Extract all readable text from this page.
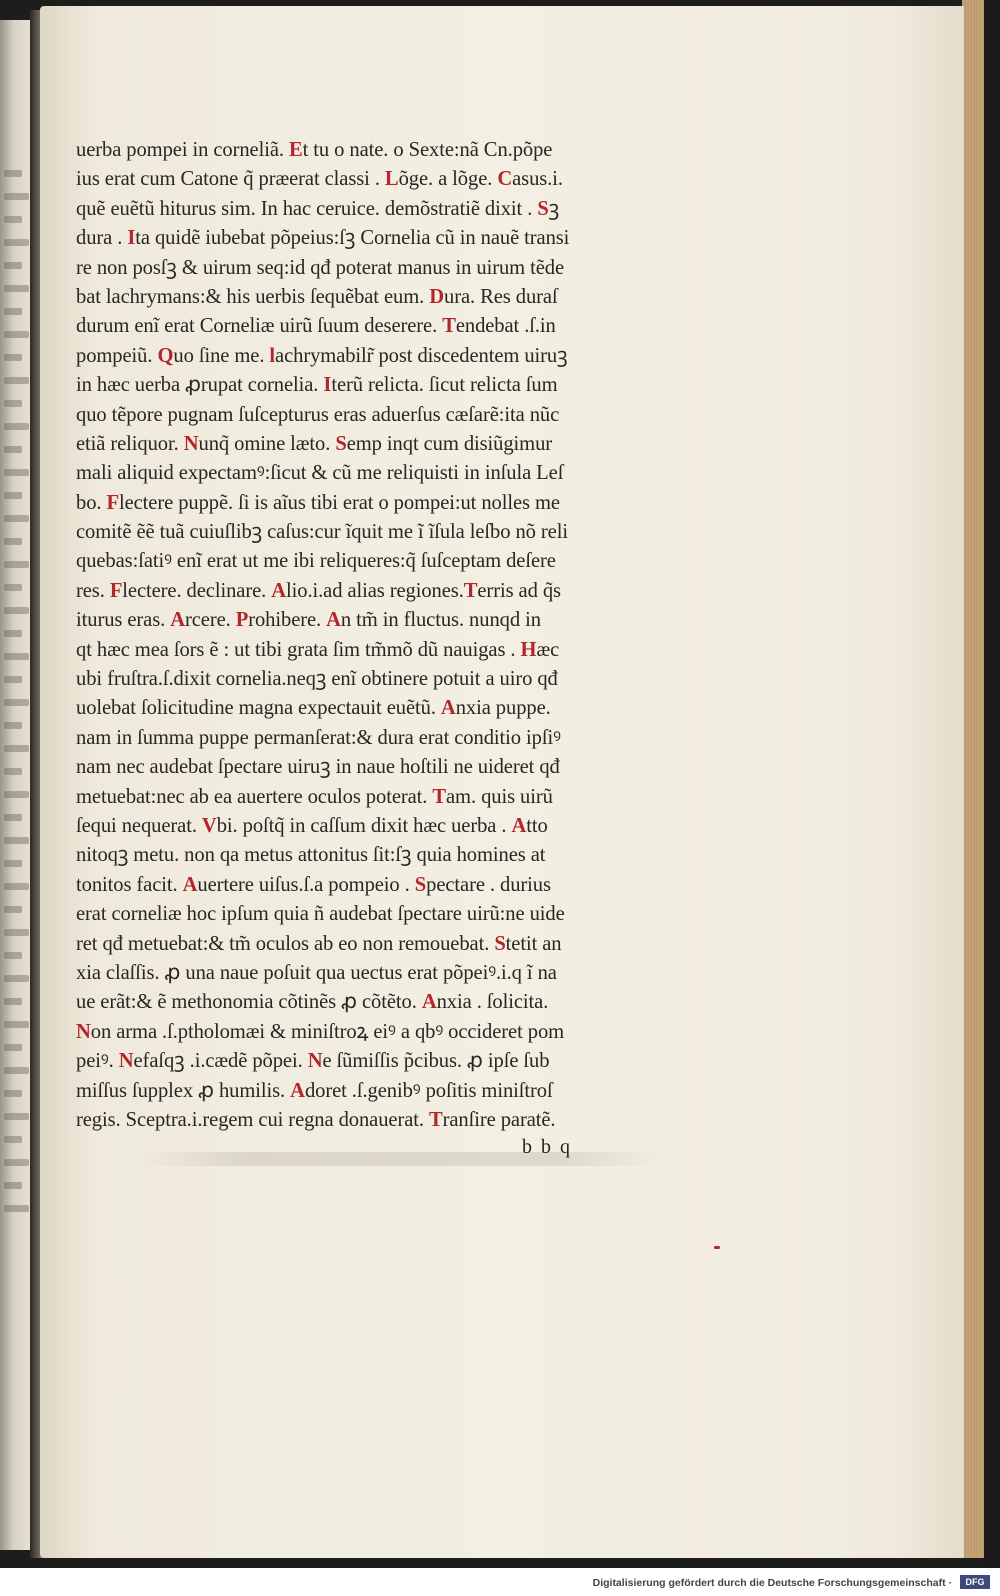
uerba pompei in corneliã. Et tu o nate. o Sexte:nã Cn.põpe
ius erat cum Catone q̃ præerat classi . Lõge. a lõge. Casus.i.
quẽ euẽtũ hiturus sim. In hac ceruice. demõstratiẽ dixit . Sꝫ
dura . Ita quidẽ iubebat põpeius:ſꝫ Cornelia cũ in nauẽ transi
re non posſꝫ & uirum seq:id qđ poterat manus in uirum tẽde
bat lachrymans:& his uerbis ſequẽbat eum. Dura. Res duraſ
durum enĩ erat Corneliæ uirũ ſuum deserere. Tendebat .ſ.in
pompeiũ. Quo ſine me. lachrymabilr̃ post discedentem uiruꝫ
in hæc uerba ꝓrupat cornelia. Iterũ relicta. ſicut relicta ſum
quo tẽpore pugnam ſuſcepturus eras aduerſus cæſarẽ:ita nũc
etiã reliquor. Nunq̃ omine læto. Semp inqt cum disiũgimur
mali aliquid expectamꝰ:ſicut & cũ me reliquisti in inſula Leſ
bo. Flectere puppẽ. ſi is aĩus tibi erat o pompei:ut nolles me
comitẽ ẽẽ tuã cuiuſlibꝫ caſus:cur ĩquit me ĩ ĩſula leſbo nõ reli
quebas:ſatiꝰ enĩ erat ut me ibi reliqueres:q̃ ſuſceptam deſere
res. Flectere. declinare. Alio.i.ad alias regiones.Terris ad q̃s
iturus eras. Arcere. Prohibere. An tm̃ in fluctus. nunqd in
qt hæc mea ſors ẽ : ut tibi grata ſim tm̃mõ dũ nauigas . Hæc
ubi fruſtra.ſ.dixit cornelia.neqꝫ enĩ obtinere potuit a uiro qđ
uolebat ſolicitudine magna expectauit euẽtũ. Anxia puppe.
nam in ſumma puppe permanſerat:& dura erat conditio ipſiꝰ
nam nec audebat ſpectare uiruꝫ in naue hoſtili ne uideret qđ
metuebat:nec ab ea auertere oculos poterat. Tam. quis uirũ
ſequi nequerat. Vbi. poſtq̃ in caſſum dixit hæc uerba . Atto
nitoqꝫ metu. non qa metus attonitus ſit:ſꝫ quia homines at
tonitos facit. Auertere uiſus.ſ.a pompeio . Spectare . durius
erat corneliæ hoc ipſum quia ñ audebat ſpectare uirũ:ne uide
ret qđ metuebat:& tm̃ oculos ab eo non remouebat. Stetit an
xia claſſis. ꝓ una naue poſuit qua uectus erat põpeiꝰ.i.q ĩ na
ue erãt:& ẽ methonomia cõtinẽs ꝓ cõtẽto. Anxia . ſolicita.
Non arma .ſ.ptholomæi & miniſtroꝝ eiꝰ a qbꝰ occideret pom
peiꝰ. Nefaſqꝫ .i.cædẽ põpei. Ne ſũmiſſis p̃cibus. ꝓ ipſe ſub
miſſus ſupplex ꝓ humilis. Adoret .ſ.genibꝰ poſitis miniſtroſ
regis. Sceptra.i.regem cui regna donauerat. Tranſire paratẽ.
b b q
Digitalisierung gefördert durch die Deutsche Forschungsgemeinschaft ·	DFG
